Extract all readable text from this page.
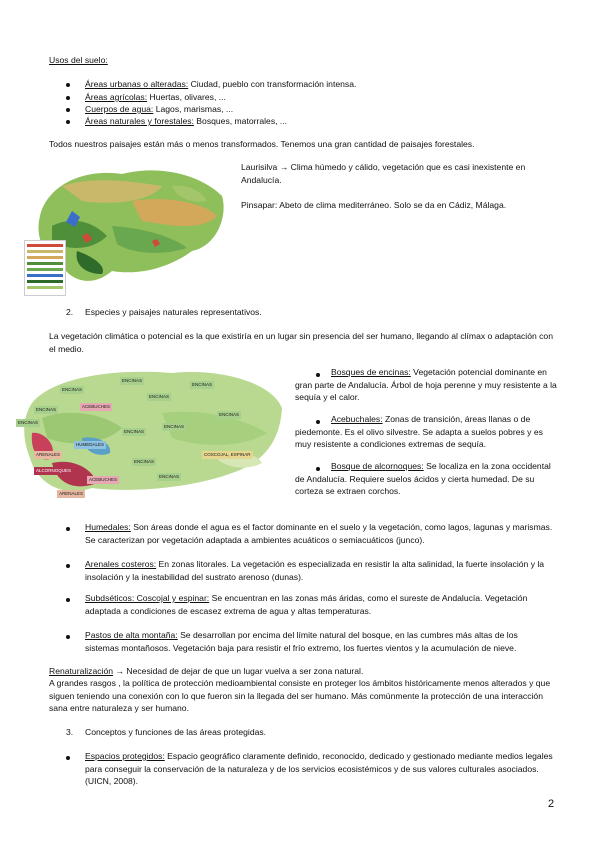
Usos del suelo:
Áreas urbanas o alteradas: Ciudad, pueblo con transformación intensa.
Áreas agrícolas: Huertas, olivares, ...
Cuerpos de agua: Lagos, marismas, ...
Áreas naturales y forestales: Bosques, matorrales, ...
Todos nuestros paisajes están más o menos transformados. Tenemos una gran cantidad de paisajes forestales.
Laurisilva → Clima húmedo y cálido, vegetación que es casi inexistente en Andalucía.
Pinsapar: Abeto de clima mediterráneo. Solo se da en Cádiz, Málaga.
2. Especies y paisajes naturales representativos.
La vegetación climática o potencial es la que existiría en un lugar sin presencia del ser humano, llegando al clímax o adaptación con el medio.
ENCINAS
ENCINAS
ENCINAS
ENCINAS
ACEBUCHES
ENCINAS
ENCINAS
HUMEDALES
ENCINAS
ENCINAS
ENCINAS
ARENALES
ENCINAS
COSCOJAL, ESPINAR
ALCORNOQUES
ACEBUCHES
ENCINAS
ARENALES

Bosques de encinas: Vegetación potencial dominante en gran parte de Andalucía. Árbol de hoja perenne y muy resistente a la sequía y el calor.

Acebuchales: Zonas de transición, áreas llanas o de piedemonte. Es el olivo silvestre. Se adapta a suelos pobres y es muy resistente a condiciones extremas de sequía.

Bosque de alcornoques: Se localiza en la zona occidental de Andalucía. Requiere suelos ácidos y cierta humedad. De su corteza se extraen corchos.

Humedales: Son áreas donde el agua es el factor dominante en el suelo y la vegetación, como lagos, lagunas y marismas. Se caracterizan por vegetación adaptada a ambientes acuáticos o semiacuáticos (junco).

Arenales costeros: En zonas litorales. La vegetación es especializada en resistir la alta salinidad, la fuerte insolación y la insolación y la inestabilidad del sustrato arenoso (dunas).

Subdséticos: Coscojal y espinar: Se encuentran en las zonas más áridas, como el sureste de Andalucía. Vegetación adaptada a condiciones de escasez extrema de agua y altas temperaturas.

Pastos de alta montaña: Se desarrollan por encima del límite natural del bosque, en las cumbres más altas de los sistemas montañosos. Vegetación baja para resistir el frío extremo, los fuertes vientos y la acumulación de nieve.

Renaturalización → Necesidad de dejar de que un lugar vuelva a ser zona natural.

A grandes rasgos , la política de protección medioambiental consiste en proteger los ámbitos históricamente menos alterados y que siguen teniendo una conexión con lo que fueron sin la llegada del ser humano. Más comúnmente la protección de una interacción sana entre naturaleza y ser humano.

3. Conceptos y funciones de las áreas protegidas.

Espacios protegidos: Espacio geográfico claramente definido, reconocido, dedicado y gestionado mediante medios legales para conseguir la conservación de la naturaleza y de los servicios ecosistémicos y de sus valores culturales asociados. (UICN, 2008).

2
